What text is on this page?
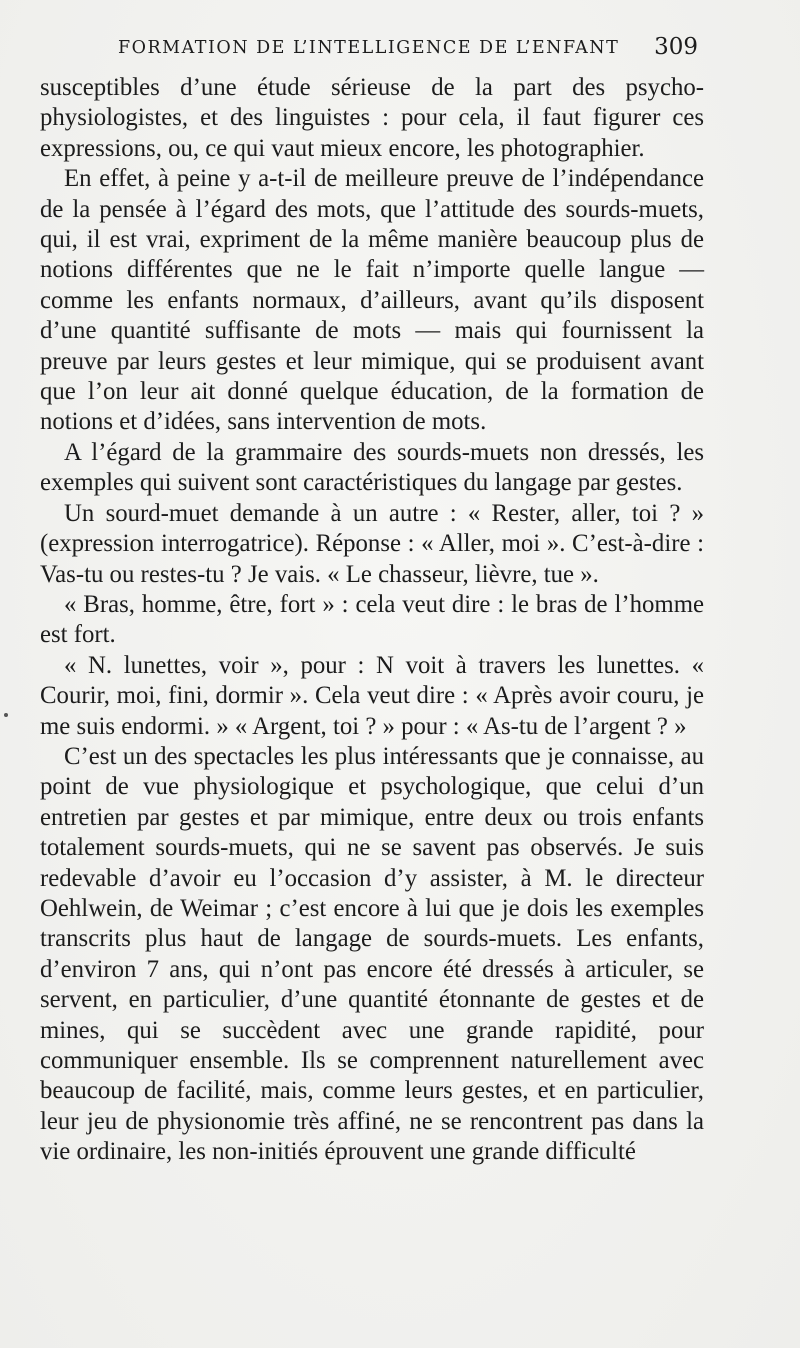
FORMATION DE L’INTELLIGENCE DE L’ENFANT 309

susceptibles d’une étude sérieuse de la part des psycho-physiologistes, et des linguistes : pour cela, il faut figurer ces expressions, ou, ce qui vaut mieux encore, les photographier.

En effet, à peine y a-t-il de meilleure preuve de l’indépendance de la pensée à l’égard des mots, que l’attitude des sourds-muets, qui, il est vrai, expriment de la même manière beaucoup plus de notions différentes que ne le fait n’importe quelle langue — comme les enfants normaux, d’ailleurs, avant qu’ils disposent d’une quantité suffisante de mots — mais qui fournissent la preuve par leurs gestes et leur mimique, qui se produisent avant que l’on leur ait donné quelque éducation, de la formation de notions et d’idées, sans intervention de mots.

A l’égard de la grammaire des sourds-muets non dressés, les exemples qui suivent sont caractéristiques du langage par gestes.

Un sourd-muet demande à un autre : « Rester, aller, toi ? » (expression interrogatrice). Réponse : « Aller, moi ». C’est-à-dire : Vas-tu ou restes-tu ? Je vais. « Le chasseur, lièvre, tue ».

« Bras, homme, être, fort » : cela veut dire : le bras de l’homme est fort.

« N. lunettes, voir », pour : N voit à travers les lunettes. « Courir, moi, fini, dormir ». Cela veut dire : « Après avoir couru, je me suis endormi. » « Argent, toi ? » pour : « As-tu de l’argent ? »

C’est un des spectacles les plus intéressants que je connaisse, au point de vue physiologique et psychologique, que celui d’un entretien par gestes et par mimique, entre deux ou trois enfants totalement sourds-muets, qui ne se savent pas observés. Je suis redevable d’avoir eu l’occasion d’y assister, à M. le directeur Oehlwein, de Weimar ; c’est encore à lui que je dois les exemples transcrits plus haut de langage de sourds-muets. Les enfants, d’environ 7 ans, qui n’ont pas encore été dressés à articuler, se servent, en particulier, d’une quantité étonnante de gestes et de mines, qui se succèdent avec une grande rapidité, pour communiquer ensemble. Ils se comprennent naturellement avec beaucoup de facilité, mais, comme leurs gestes, et en particulier, leur jeu de physionomie très affiné, ne se rencontrent pas dans la vie ordinaire, les non-initiés éprouvent une grande difficulté
